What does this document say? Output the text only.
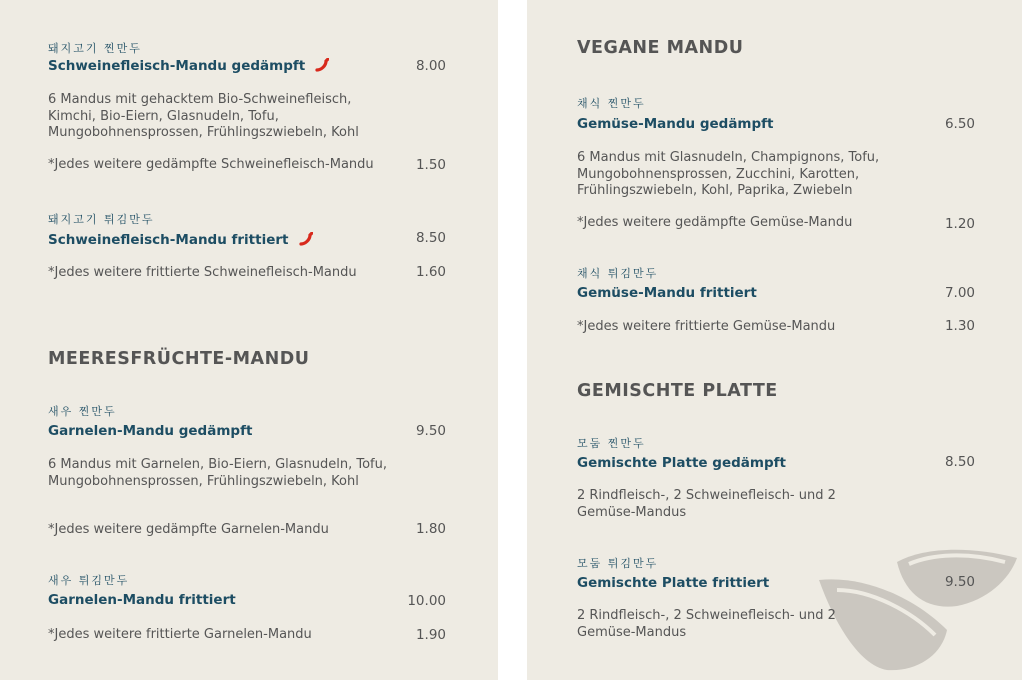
돼지고기 찐만두
Schweinefleisch-Mandu gedämpft	8.00
6 Mandus mit gehacktem Bio-Schweinefleisch, Kimchi, Bio-Eiern, Glasnudeln, Tofu, Mungobohnensprossen, Frühlingszwiebeln, Kohl
*Jedes weitere gedämpfte Schweinefleisch-Mandu	1.50
돼지고기 튀김만두
Schweinefleisch-Mandu frittiert	8.50
*Jedes weitere frittierte Schweinefleisch-Mandu	1.60
MEERESFRÜCHTE-MANDU
새우 찐만두
Garnelen-Mandu gedämpft	9.50
6 Mandus mit Garnelen, Bio-Eiern, Glasnudeln, Tofu, Mungobohnensprossen, Frühlingszwiebeln, Kohl
*Jedes weitere gedämpfte Garnelen-Mandu	1.80
새우 튀김만두
Garnelen-Mandu frittiert	10.00
*Jedes weitere frittierte Garnelen-Mandu	1.90
VEGANE MANDU
채식 찐만두
Gemüse-Mandu gedämpft	6.50
6 Mandus mit Glasnudeln, Champignons, Tofu, Mungobohnensprossen, Zucchini, Karotten, Frühlingszwiebeln, Kohl, Paprika, Zwiebeln
*Jedes weitere gedämpfte Gemüse-Mandu	1.20
채식 튀김만두
Gemüse-Mandu frittiert	7.00
*Jedes weitere frittierte Gemüse-Mandu	1.30
GEMISCHTE PLATTE
모둠 찐만두
Gemischte Platte gedämpft	8.50
2 Rindfleisch-, 2 Schweinefleisch- und 2 Gemüse-Mandus
모둠 튀김만두
Gemischte Platte frittiert	9.50
2 Rindfleisch-, 2 Schweinefleisch- und 2 Gemüse-Mandus
